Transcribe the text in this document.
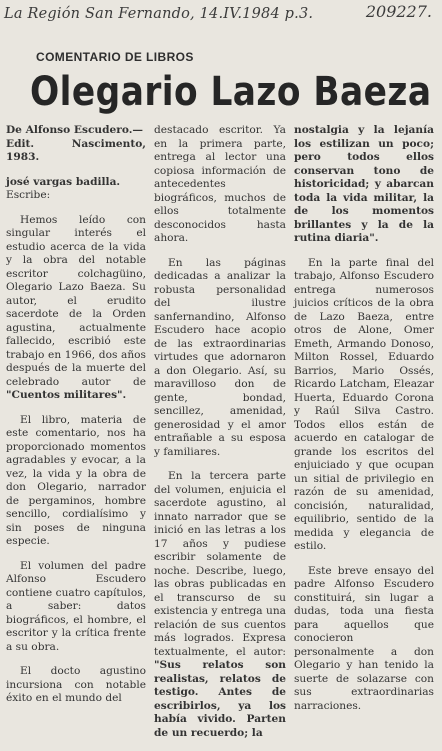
La Región San Fernando, 14.IV.1984 p.3.	209227.
COMENTARIO DE LIBROS
Olegario Lazo Baeza

De Alfonso Escudero.—
Edit. Nascimento, 1983.

josé vargas badilla.
Escribe:

Hemos leído con singular interés el estudio acerca de la vida y la obra del notable escritor colchagüino, Olegario Lazo Baeza. Su autor, el erudito sacerdote de la Orden agustina, actualmente fallecido, escribió este trabajo en 1966, dos años después de la muerte del celebrado autor de "Cuentos militares".

El libro, materia de este comentario, nos ha proporcionado momentos agradables y evocar, a la vez, la vida y la obra de don Olegario, narrador de pergaminos, hombre sencillo, cordialísimo y sin poses de ninguna especie.

El volumen del padre Alfonso Escudero contiene cuatro capítulos, a saber: datos biográficos, el hombre, el escritor y la crítica frente a su obra.

El docto agustino incursiona con notable éxito en el mundo del

destacado escritor. Ya en la primera parte, entrega al lector una copiosa información de antecedentes biográficos, muchos de ellos totalmente desconocidos hasta ahora.

En las páginas dedicadas a analizar la robusta personalidad del ilustre sanfernandino, Alfonso Escudero hace acopio de las extraordinarias virtudes que adornaron a don Olegario. Así, su maravilloso don de gente, bondad, sencillez, amenidad, generosidad y el amor entrañable a su esposa y familiares.

En la tercera parte del volumen, enjuicia el sacerdote agustino, al innato narrador que se inició en las letras a los 17 años y pudiese escribir solamente de noche. Describe, luego, las obras publicadas en el transcurso de su existencia y entrega una relación de sus cuentos más logrados. Expresa textualmente, el autor: "Sus relatos son realistas, relatos de testigo. Antes de escribirlos, ya los había vivido. Parten de un recuerdo; la

nostalgia y la lejanía los estilizan un poco; pero todos ellos conservan tono de historicidad; y abarcan toda la vida militar, la de los momentos brillantes y la de la rutina diaria".

En la parte final del trabajo, Alfonso Escudero entrega numerosos juicios críticos de la obra de Lazo Baeza, entre otros de Alone, Omer Emeth, Armando Donoso, Milton Rossel, Eduardo Barrios, Mario Ossés, Ricardo Latcham, Eleazar Huerta, Eduardo Corona y Raúl Silva Castro. Todos ellos están de acuerdo en catalogar de grande los escritos del enjuiciado y que ocupan un sitial de privilegio en razón de su amenidad, concisión, naturalidad, equilibrio, sentido de la medida y elegancia de estilo.

Este breve ensayo del padre Alfonso Escudero constituirá, sin lugar a dudas, toda una fiesta para aquellos que conocieron personalmente a don Olegario y han tenido la suerte de solazarse con sus extraordinarias narraciones.
